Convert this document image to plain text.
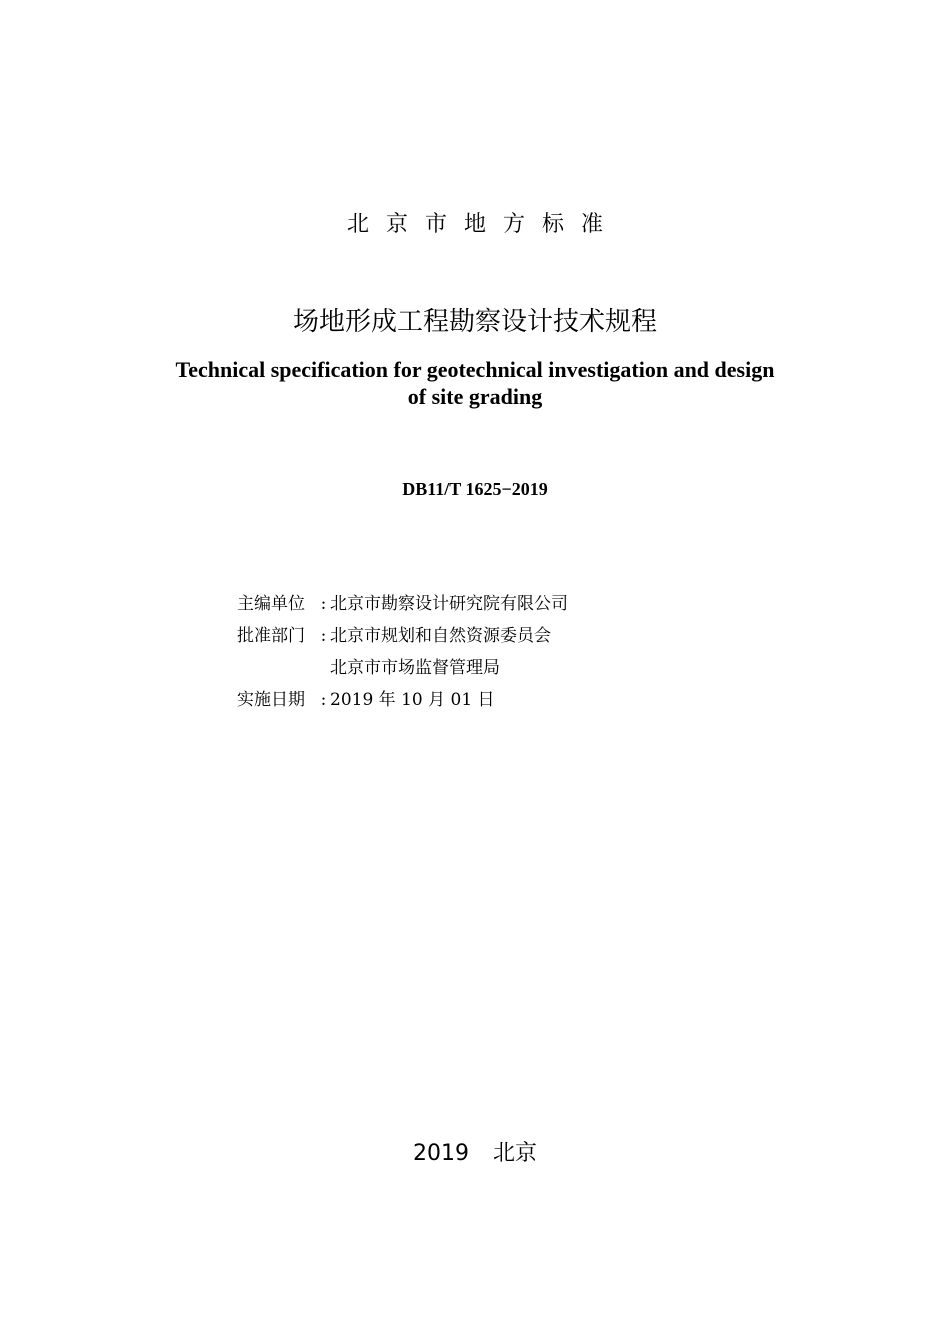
北京市地方标准
场地形成工程勘察设计技术规程
Technical specification for geotechnical investigation and design
of site grading
DB11/T 1625−2019
主编单位 : 北京市勘察设计研究院有限公司
批准部门 : 北京市规划和自然资源委员会
北京市市场监督管理局
实施日期 : 2019 年 10 月 01 日
2019 北京
